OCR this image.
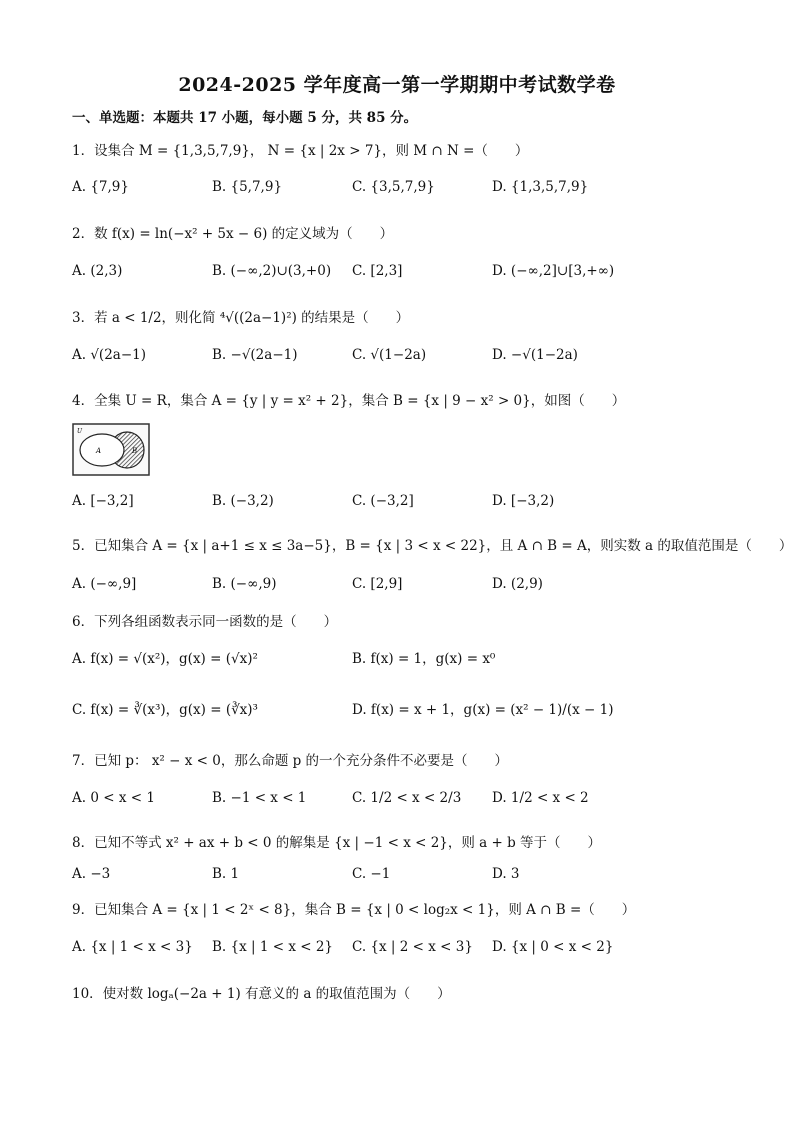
2024-2025 学年度高一第一学期期中考试数学卷
一、单选题：本题共 17 小题，每小题 5 分，共 85 分。
1．设集合 M = {1,3,5,7,9}， N = {x | 2x > 7}，则 M ∩ N =（　　）
A. {7,9}	B. {5,7,9}	C. {3,5,7,9}	D. {1,3,5,7,9}
2．数 f(x) = ln(−x² + 5x − 6) 的定义域为（　　）
A. (2,3)	B. (−∞,2)∪(3,+0) C. [2,3]	D. (−∞,2]∪[3,+∞)
3．若 a < 1/2，则化简 ⁴√((2a−1)²) 的结果是（　　）
A. √(2a−1)	B. −√(2a−1)	C. √(1−2a)	D. −√(1−2a)
4．全集 U = R，集合 A = {y | y = x² + 2}，集合 B = {x | 9 − x² > 0}，如图（　　）
U
A	B
A. [−3,2]	B. (−3,2)	C. (−3,2]	D. [−3,2)
5．已知集合 A = {x | a+1 ≤ x ≤ 3a−5}，B = {x | 3 < x < 22}，且 A ∩ B = A，则实数 a 的取值范围是（　　）
A. (−∞,9]	B. (−∞,9)	C. [2,9]	D. (2,9)
6．下列各组函数表示同一函数的是（　　）
A. f(x) = √(x²)，g(x) = (√x)²	B. f(x) = 1，g(x) = x⁰
C. f(x) = ∛(x³)，g(x) = (∛x)³	D. f(x) = x + 1，g(x) = (x² − 1)/(x − 1)
7．已知 p： x² − x < 0，那么命题 p 的一个充分条件不必要是（　　）
A. 0 < x < 1	B. −1 < x < 1	C. 1/2 < x < 2/3 D. 1/2 < x < 2
8．已知不等式 x² + ax + b < 0 的解集是 {x | −1 < x < 2}，则 a + b 等于（　　）
A. −3	B. 1	C. −1	D. 3
9．已知集合 A = {x | 1 < 2ˣ < 8}，集合 B = {x | 0 < log₂x < 1}，则 A ∩ B =（　　）
A. {x | 1 < x < 3} B. {x | 1 < x < 2} C. {x | 2 < x < 3} D. {x | 0 < x < 2}
10．使对数 logₐ(−2a + 1) 有意义的 a 的取值范围为（　　）
